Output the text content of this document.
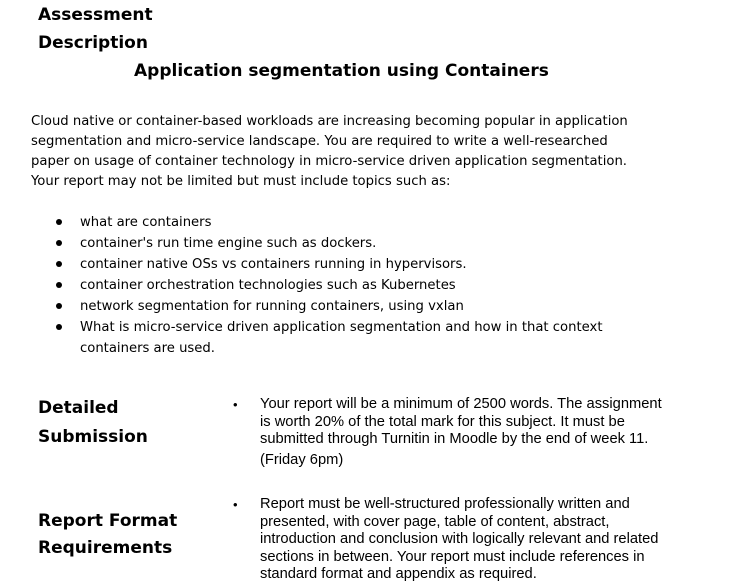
Assessment
Description
Application segmentation using Containers
Cloud native or container-based workloads are increasing becoming popular in application
segmentation and micro-service landscape. You are required to write a well-researched
paper on usage of container technology in micro-service driven application segmentation.
Your report may not be limited but must include topics such as:
what are containers
container's run time engine such as dockers.
container native OSs vs containers running in hypervisors.
container orchestration technologies such as Kubernetes
network segmentation for running containers, using vxlan
What is micro-service driven application segmentation and how in that context containers are used.
Detailed
Submission
• Your report will be a minimum of 2500 words. The assignment
is worth 20% of the total mark for this subject. It must be
submitted through Turnitin in Moodle by the end of week 11.
(Friday 6pm)
Report Format
Requirements
• Report must be well-structured professionally written and
presented, with cover page, table of content, abstract,
introduction and conclusion with logically relevant and related
sections in between. Your report must include references in
standard format and appendix as required.
